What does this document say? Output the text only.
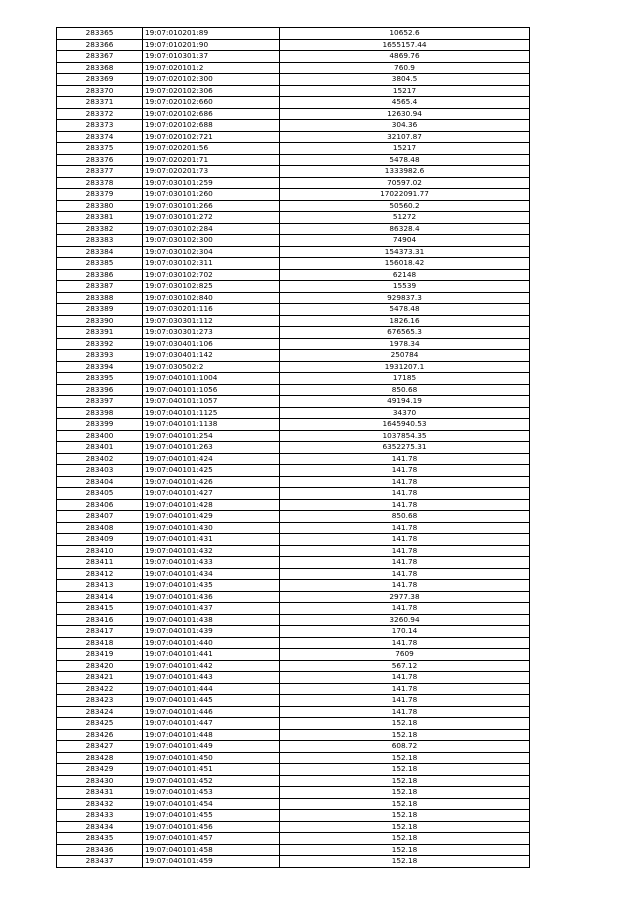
283365	19:07:010201:89	10652.6
283366	19:07:010201:90	1655157.44
283367	19:07:010301:37	4869.76
283368	19:07:020101:2	760.9
283369	19:07:020102:300	3804.5
283370	19:07:020102:306	15217
283371	19:07:020102:660	4565.4
283372	19:07:020102:686	12630.94
283373	19:07:020102:688	304.36
283374	19:07:020102:721	32107.87
283375	19:07:020201:56	15217
283376	19:07:020201:71	5478.48
283377	19:07:020201:73	1333982.6
283378	19:07:030101:259	70597.02
283379	19:07:030101:260	17022091.77
283380	19:07:030101:266	50560.2
283381	19:07:030101:272	51272
283382	19:07:030102:284	86328.4
283383	19:07:030102:300	74904
283384	19:07:030102:304	154373.31
283385	19:07:030102:311	156018.42
283386	19:07:030102:702	62148
283387	19:07:030102:825	15539
283388	19:07:030102:840	929837.3
283389	19:07:030201:116	5478.48
283390	19:07:030301:112	1826.16
283391	19:07:030301:273	676565.3
283392	19:07:030401:106	1978.34
283393	19:07:030401:142	250784
283394	19:07:030502:2	1931207.1
283395	19:07:040101:1004	17185
283396	19:07:040101:1056	850.68
283397	19:07:040101:1057	49194.19
283398	19:07:040101:1125	34370
283399	19:07:040101:1138	1645940.53
283400	19:07:040101:254	1037854.35
283401	19:07:040101:263	6352275.31
283402	19:07:040101:424	141.78
283403	19:07:040101:425	141.78
283404	19:07:040101:426	141.78
283405	19:07:040101:427	141.78
283406	19:07:040101:428	141.78
283407	19:07:040101:429	850.68
283408	19:07:040101:430	141.78
283409	19:07:040101:431	141.78
283410	19:07:040101:432	141.78
283411	19:07:040101:433	141.78
283412	19:07:040101:434	141.78
283413	19:07:040101:435	141.78
283414	19:07:040101:436	2977.38
283415	19:07:040101:437	141.78
283416	19:07:040101:438	3260.94
283417	19:07:040101:439	170.14
283418	19:07:040101:440	141.78
283419	19:07:040101:441	7609
283420	19:07:040101:442	567.12
283421	19:07:040101:443	141.78
283422	19:07:040101:444	141.78
283423	19:07:040101:445	141.78
283424	19:07:040101:446	141.78
283425	19:07:040101:447	152.18
283426	19:07:040101:448	152.18
283427	19:07:040101:449	608.72
283428	19:07:040101:450	152.18
283429	19:07:040101:451	152.18
283430	19:07:040101:452	152.18
283431	19:07:040101:453	152.18
283432	19:07:040101:454	152.18
283433	19:07:040101:455	152.18
283434	19:07:040101:456	152.18
283435	19:07:040101:457	152.18
283436	19:07:040101:458	152.18
283437	19:07:040101:459	152.18
